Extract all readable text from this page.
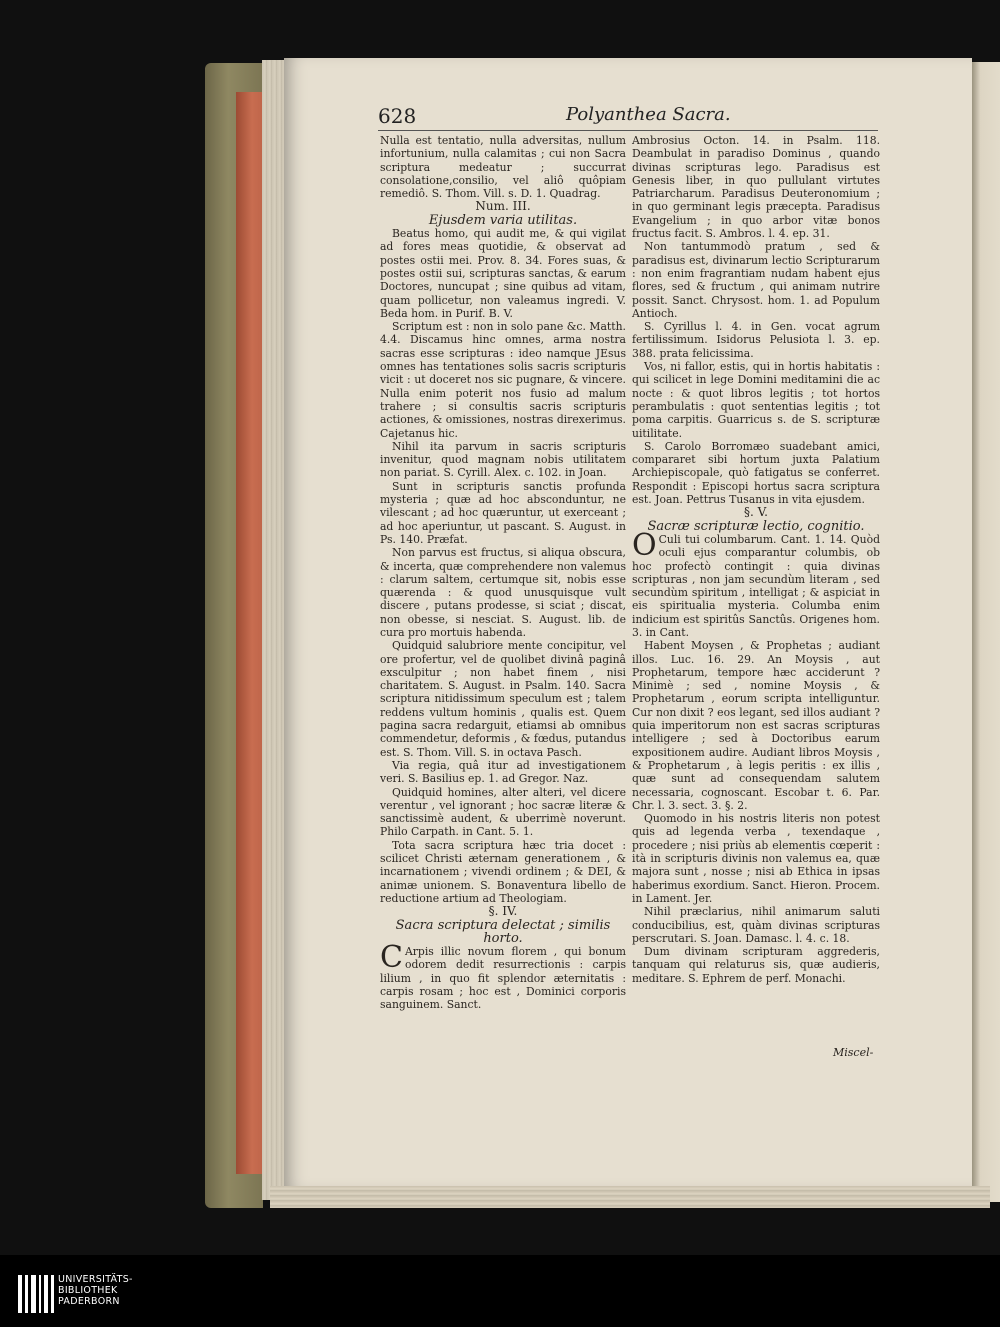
628	Polyanthea Sacra.

Nulla est tentatio, nulla adversitas, nullum infortunium, nulla calamitas ; cui non Sacra scriptura medeatur ; succurrat consolatione,consilio, vel aliô quôpiam remediô. S. Thom. Vill. s. D. 1. Quadrag.

Num. III.

Ejusdem varia utilitas.

Beatus homo, qui audit me, & qui vigilat ad fores meas quotidie, & observat ad postes ostii mei. Prov. 8. 34. Fores suas, & postes ostii sui, scripturas sanctas, & earum Doctores, nuncupat ; sine quibus ad vitam, quam pollicetur, non valeamus ingredi. V. Beda hom. in Purif. B. V.

Scriptum est : non in solo pane &c. Matth. 4.4. Discamus hinc omnes, arma nostra sacras esse scripturas : ideo namque JEsus omnes has tentationes solis sacris scripturis vicit : ut doceret nos sic pugnare, & vincere. Nulla enim poterit nos fusio ad malum trahere ; si consultis sacris scripturis actiones, & omissiones, nostras direxerimus. Cajetanus hic.

Nihil ita parvum in sacris scripturis invenitur, quod magnam nobis utilitatem non pariat. S. Cyrill. Alex. c. 102. in Joan.

Sunt in scripturis sanctis profunda mysteria ; quæ ad hoc absconduntur, ne vilescant ; ad hoc quæruntur, ut exerceant ; ad hoc aperiuntur, ut pascant. S. August. in Ps. 140. Præfat.

Non parvus est fructus, si aliqua obscura, & incerta, quæ comprehendere non valemus : clarum saltem, certumque sit, nobis esse quærenda : & quod unusquisque vult discere , putans prodesse, si sciat ; discat, non obesse, si nesciat. S. August. lib. de cura pro mortuis habenda.

Quidquid salubriore mente concipitur, vel ore profertur, vel de quolibet divinâ paginâ exsculpitur ; non habet finem , nisi charitatem. S. August. in Psalm. 140. Sacra scriptura nitidissimum speculum est ; talem reddens vultum hominis , qualis est. Quem pagina sacra redarguit, etiamsi ab omnibus commendetur, deformis , & fœdus, putandus est. S. Thom. Vill. S. in octava Pasch.

Via regia, quâ itur ad investigationem veri. S. Basilius ep. 1. ad Gregor. Naz.

Quidquid homines, alter alteri, vel dicere verentur , vel ignorant ; hoc sacræ literæ & sanctissimè audent, & uberrimè noverunt. Philo Carpath. in Cant. 5. 1.

Tota sacra scriptura hæc tria docet : scilicet Christi æternam generationem , & incarnationem ; vivendi ordinem ; & DEI, & animæ unionem. S. Bonaventura libello de reductione artium ad Theologiam.

§. IV.

Sacra scriptura delectat ; similis horto.

C Arpis illic novum florem , qui bonum odorem dedit resurrectionis : carpis lilium , in quo fit splendor æternitatis : carpis rosam ; hoc est , Dominici corporis sanguinem. Sanct.

Ambrosius Octon. 14. in Psalm. 118. Deambulat in paradiso Dominus , quando divinas scripturas lego. Paradisus est Genesis liber, in quo pullulant virtutes Patriarcharum. Paradisus Deuteronomium ; in quo germinant legis præcepta. Paradisus Evangelium ; in quo arbor vitæ bonos fructus facit. S. Ambros. l. 4. ep. 31.

Non tantummodò pratum , sed & paradisus est, divinarum lectio Scripturarum : non enim fragrantiam nudam habent ejus flores, sed & fructum , qui animam nutrire possit. Sanct. Chrysost. hom. 1. ad Populum Antioch.

S. Cyrillus l. 4. in Gen. vocat agrum fertilissimum. Isidorus Pelusiota l. 3. ep. 388. pratа felicissima.

Vos, ni fallor, estis, qui in hortis habitatis : qui scilicet in lege Domini meditamini die ac nocte : & quot libros legitis ; tot hortos perambulatis : quot sententias legitis ; tot poma carpitis. Guarricus s. de S. scripturæ uitilitate.

S. Carolo Borromæo suadebant amici, compararet sibi hortum juxta Palatium Archiepiscopale, quò fatigatus se conferret. Respondit : Episcopi hortus sacra scriptura est. Joan. Pettrus Tusanus in vita ejusdem.

§. V.

Sacræ scripturæ lectio, cognitio.

O Culi tui columbarum. Cant. 1. 14. Quòd oculi ejus comparantur columbis, ob hoc profectò contingit : quia divinas scripturas , non jam secundùm literam , sed secundùm spiritum , intelligat ; & aspiciat in eis spiritualia mysteria. Columba enim indicium est spiritûs Sanctûs. Origenes hom. 3. in Cant.

Habent Moysen , & Prophetas ; audiant illos. Luc. 16. 29. An Moysis , aut Prophetarum, tempore hæc acciderunt ? Minimè ; sed , nomine Moysis , & Prophetarum , eorum scripta intelliguntur. Cur non dixit ? eos legant, sed illos audiant ? quia imperitorum non est sacras scripturas intelligere ; sed à Doctoribus earum expositionem audire. Audiant libros Moysis , & Prophetarum , à legis peritis : ex illis , quæ sunt ad consequendam salutem necessaria, cognoscant. Escobar t. 6. Par. Chr. l. 3. sect. 3. §. 2.

Quomodo in his nostris literis non potest quis ad legenda verba , texendaque , procedere ; nisi priùs ab elementis cœperit : ità in scripturis divinis non valemus ea, quæ majora sunt , nosse ; nisi ab Ethica in ipsas haberimus exordium. Sanct. Hieron. Procem. in Lament. Jer.

Nihil præclarius, nihil animarum saluti conducibilius, est, quàm divinas scripturas perscrutari. S. Joan. Damasc. l. 4. c. 18.

Dum divinam scripturam aggrederis, tanquam qui relaturus sis, quæ audieris, meditare. S. Ephrem de perf. Monachi.

Miscel-
UNIVERSITÄTS-
BIBLIOTHEK
PADERBORN
